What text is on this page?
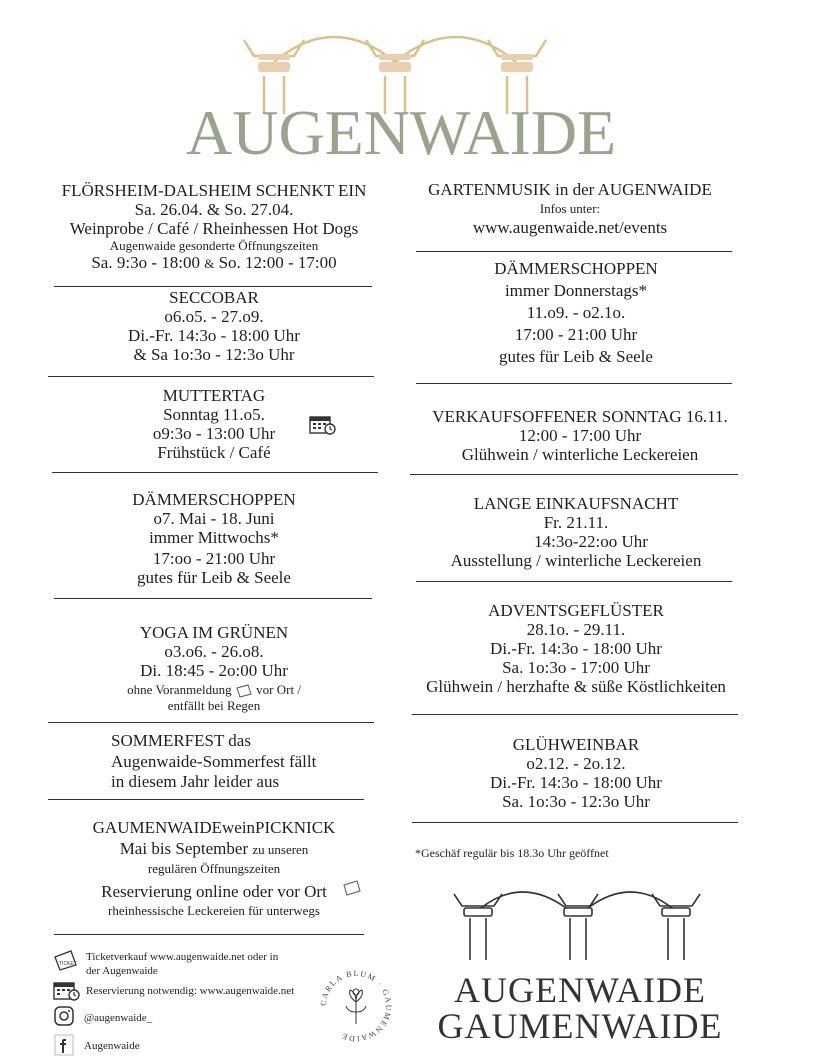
AUGENWAIDE
FLÖRSHEIM-DALSHEIM SCHENKT EIN
Sa. 26.04. & So. 27.04.
Weinprobe / Café / Rheinhessen Hot Dogs
Augenwaide gesonderte Öffnungszeiten
Sa. 9:3o - 18:00 & So. 12:00 - 17:00
SECCOBAR
o6.o5. - 27.o9.
Di.-Fr. 14:3o - 18:00 Uhr
& Sa 1o:3o - 12:3o Uhr
MUTTERTAG
Sonntag 11.o5.
o9:3o - 13:00 Uhr
Frühstück / Café
DÄMMERSCHOPPEN
o7. Mai - 18. Juni
immer Mittwochs*
17:oo - 21:00 Uhr
gutes für Leib & Seele
YOGA IM GRÜNEN
o3.o6. - 26.o8.
Di. 18:45 - 2o:00 Uhr
ohne Voranmeldung vor Ort /
entfällt bei Regen
SOMMERFEST das
Augenwaide-Sommerfest fällt
in diesem Jahr leider aus
GAUMENWAIDEweinPICKNICK
Mai bis September zu unseren
regulären Öffnungszeiten
Reservierung online oder vor Ort
rheinhessische Leckereien für unterwegs
TICKET
Ticketverkauf www.augenwaide.net oder in
der Augenwaide
Reservierung notwendig: www.augenwaide.net
@augenwaide_
Augenwaide
CARLA BLUM · GAUMENWAIDE
GARTENMUSIK in der AUGENWAIDE
Infos unter:
www.augenwaide.net/events
DÄMMERSCHOPPEN
immer Donnerstags*
11.o9. - o2.1o.
17:00 - 21:00 Uhr
gutes für Leib & Seele
VERKAUFSOFFENER SONNTAG 16.11.
12:00 - 17:00 Uhr
Glühwein / winterliche Leckereien
LANGE EINKAUFSNACHT
Fr. 21.11.
14:3o-22:oo Uhr
Ausstellung / winterliche Leckereien
ADVENTSGEFLÜSTER
28.1o. - 29.11.
Di.-Fr. 14:3o - 18:00 Uhr
Sa. 1o:3o - 17:00 Uhr
Glühwein / herzhafte & süße Köstlichkeiten
GLÜHWEINBAR
o2.12. - 2o.12.
Di.-Fr. 14:3o - 18:00 Uhr
Sa. 1o:3o - 12:3o Uhr
*Geschäf regulär bis 18.3o Uhr geöffnet
AUGENWAIDE
GAUMENWAIDE
